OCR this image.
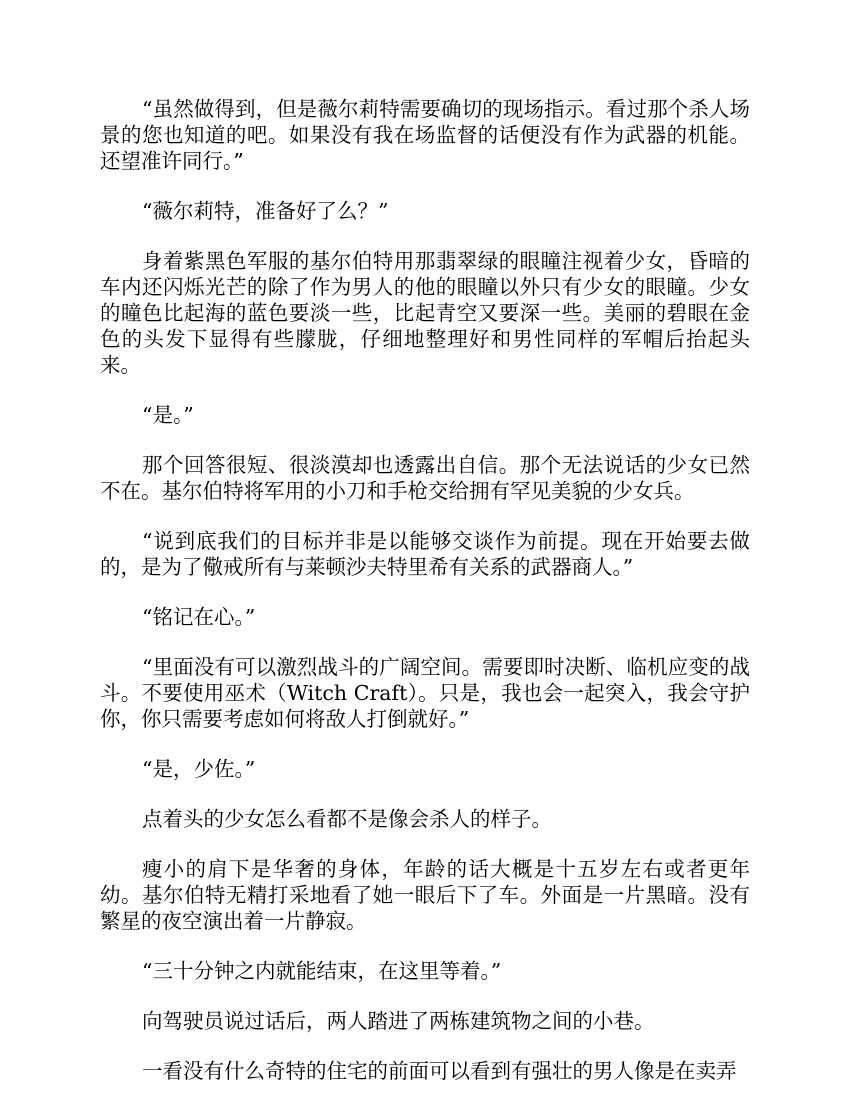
“虽然做得到，但是薇尔莉特需要确切的现场指示。看过那个杀人场景的您也知道的吧。如果没有我在场监督的话便没有作为武器的机能。还望准许同行。”

“薇尔莉特，准备好了么？”

身着紫黑色军服的基尔伯特用那翡翠绿的眼瞳注视着少女，昏暗的车内还闪烁光芒的除了作为男人的他的眼瞳以外只有少女的眼瞳。少女的瞳色比起海的蓝色要淡一些，比起青空又要深一些。美丽的碧眼在金色的头发下显得有些朦胧，仔细地整理好和男性同样的军帽后抬起头来。

“是。”

那个回答很短、很淡漠却也透露出自信。那个无法说话的少女已然不在。基尔伯特将军用的小刀和手枪交给拥有罕见美貌的少女兵。

“说到底我们的目标并非是以能够交谈作为前提。现在开始要去做的，是为了儆戒所有与莱顿沙夫特里希有关系的武器商人。”

“铭记在心。”

“里面没有可以激烈战斗的广阔空间。需要即时决断、临机应变的战斗。不要使用巫术（Witch Craft）。只是，我也会一起突入，我会守护你，你只需要考虑如何将敌人打倒就好。”

“是，少佐。”

点着头的少女怎么看都不是像会杀人的样子。

瘦小的肩下是华奢的身体，年龄的话大概是十五岁左右或者更年幼。基尔伯特无精打采地看了她一眼后下了车。外面是一片黑暗。没有繁星的夜空演出着一片静寂。

“三十分钟之内就能结束，在这里等着。”

向驾驶员说过话后，两人踏进了两栋建筑物之间的小巷。

一看没有什么奇特的住宅的前面可以看到有强壮的男人像是在卖弄
